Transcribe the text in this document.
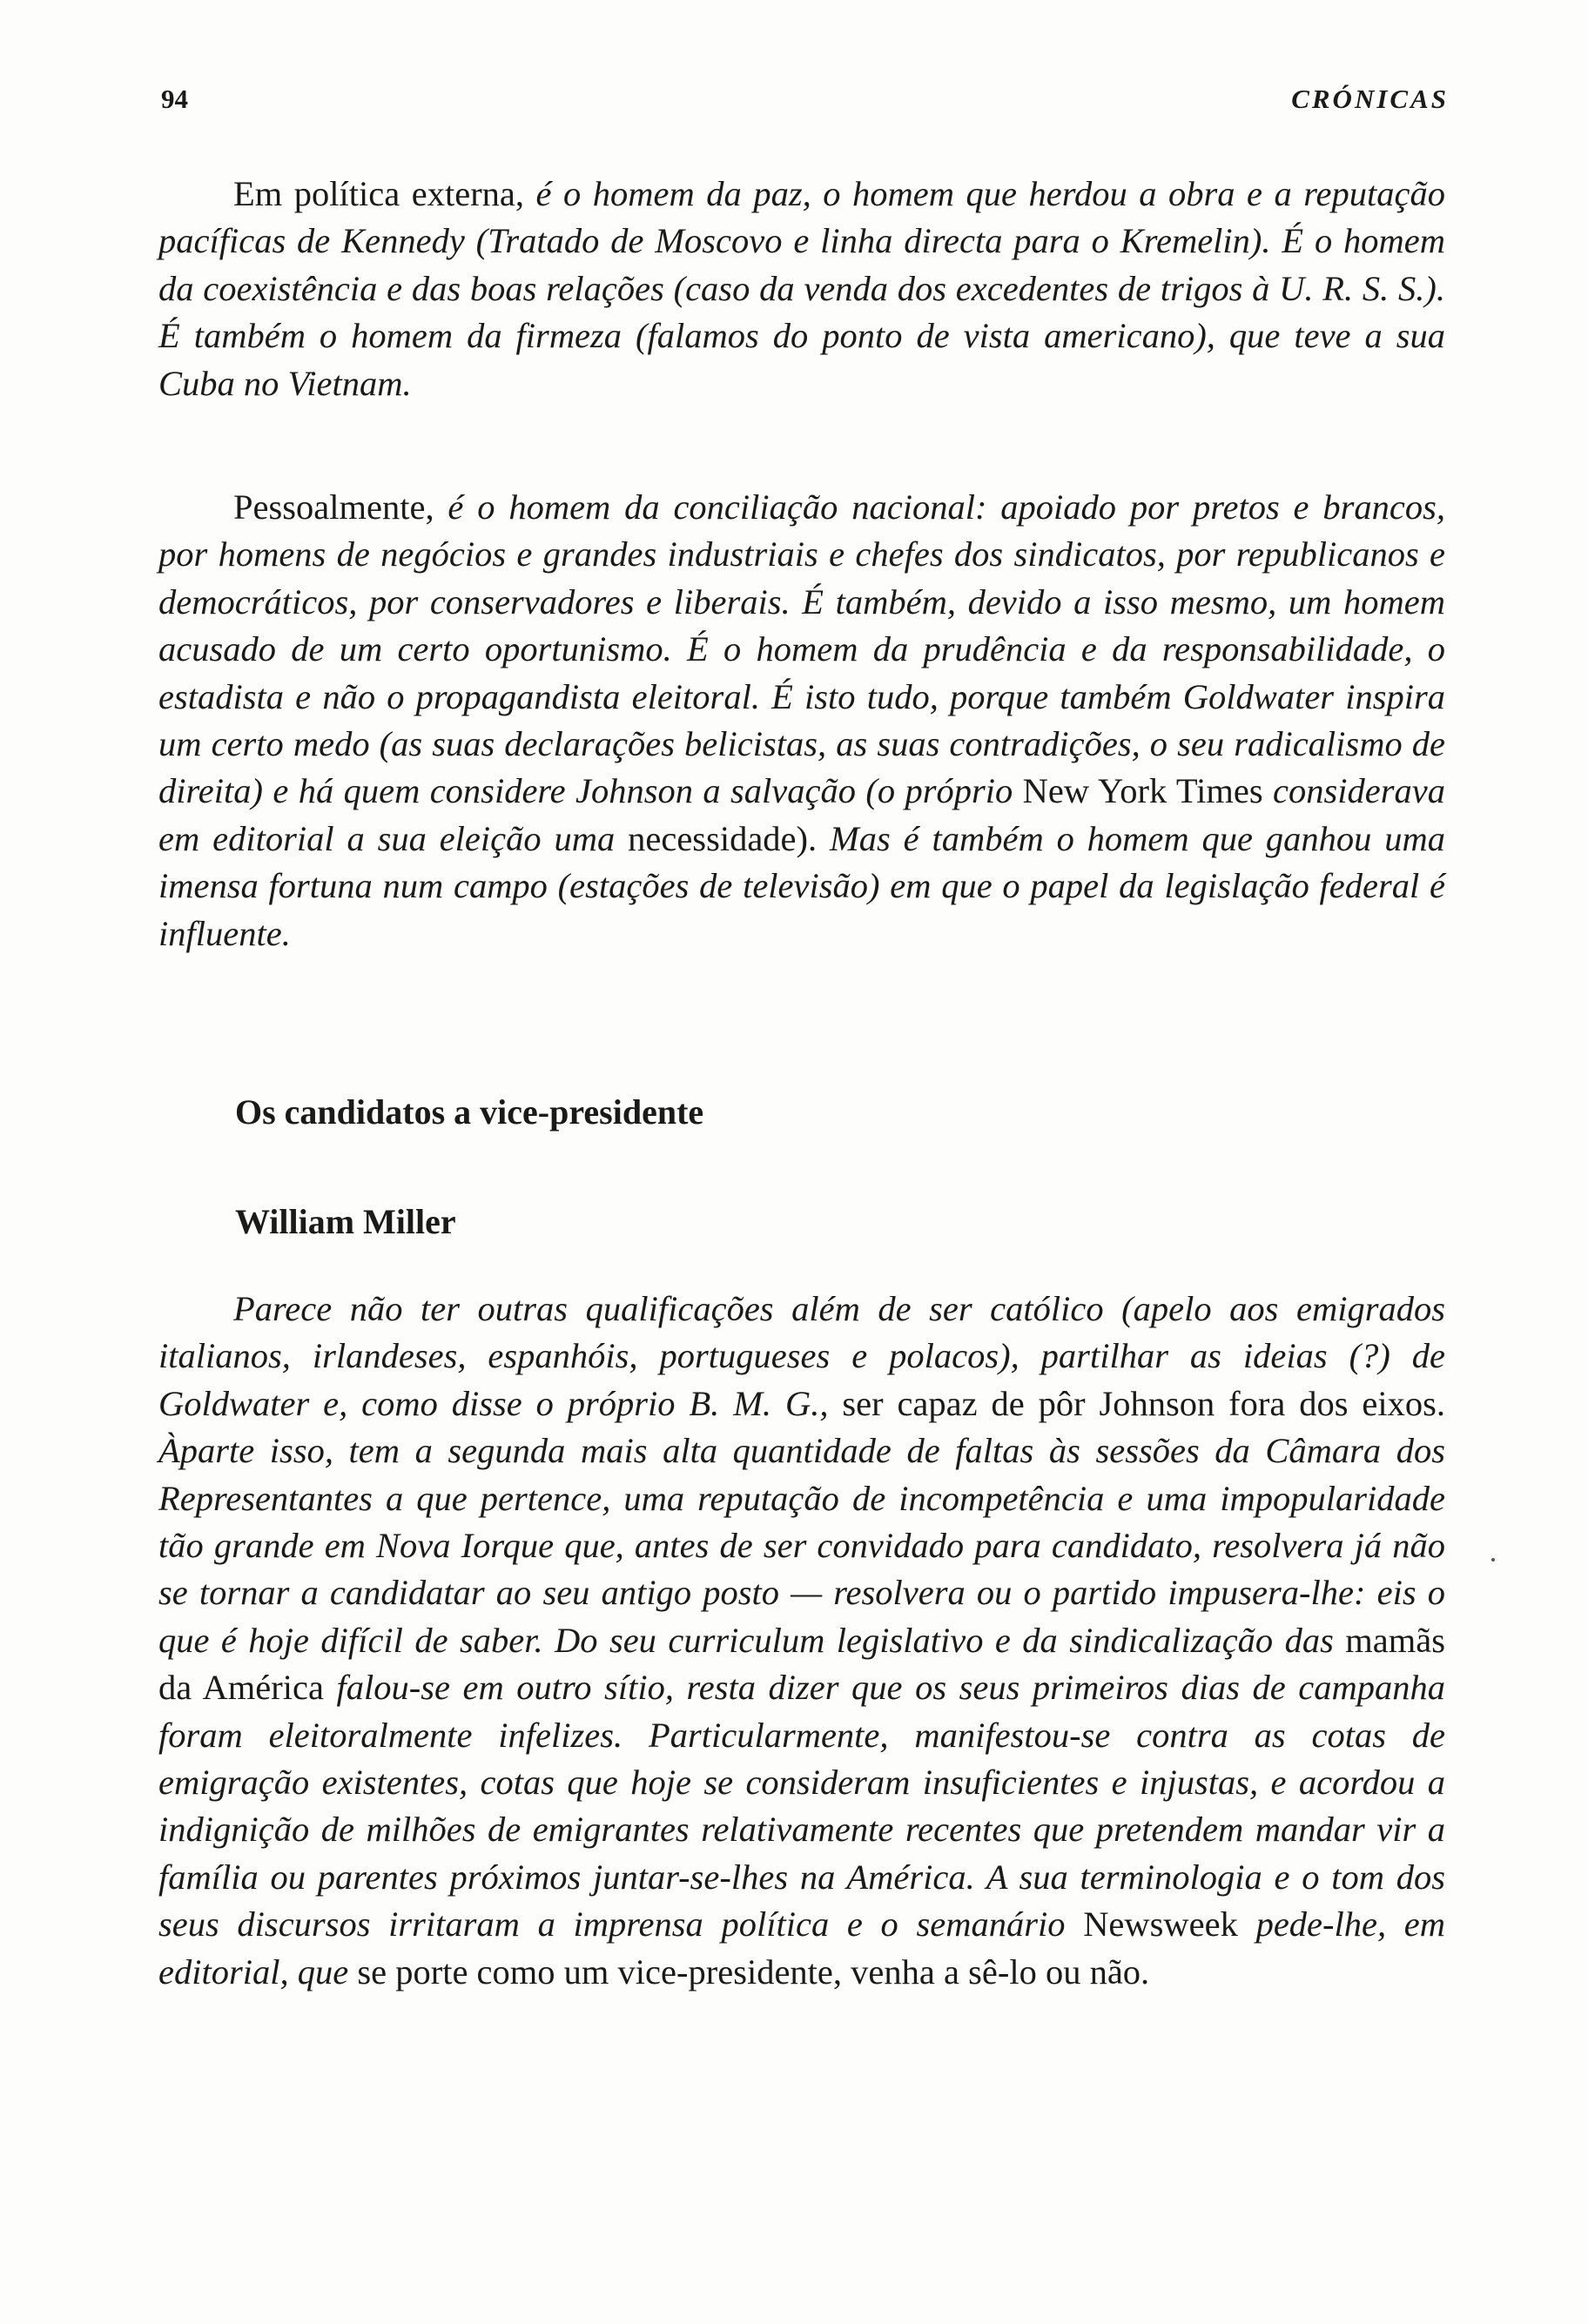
94	CRÓNICAS

Em política externa, é o homem da paz, o homem que herdou a obra e a reputação pacíficas de Kennedy (Tratado de Moscovo e linha directa para o Kremelin). É o homem da coexistência e das boas relações (caso da venda dos excedentes de trigos à U. R. S. S.). É também o homem da firmeza (falamos do ponto de vista americano), que teve a sua Cuba no Vietnam.

Pessoalmente, é o homem da conciliação nacional: apoiado por pretos e brancos, por homens de negócios e grandes industriais e chefes dos sindicatos, por republicanos e democráticos, por conservadores e liberais. É também, devido a isso mesmo, um homem acusado de um certo oportunismo. É o homem da prudência e da responsabilidade, o estadista e não o propagandista eleitoral. É isto tudo, porque também Goldwater inspira um certo medo (as suas declarações belicistas, as suas contradições, o seu radicalismo de direita) e há quem considere Johnson a salvação (o próprio New York Times considerava em editorial a sua eleição uma necessidade). Mas é também o homem que ganhou uma imensa fortuna num campo (estações de televisão) em que o papel da legislação federal é influente.

Os candidatos a vice-presidente
William Miller

Parece não ter outras qualificações além de ser católico (apelo aos emigrados italianos, irlandeses, espanhóis, portugueses e polacos), partilhar as ideias (?) de Goldwater e, como disse o próprio B. M. G., ser capaz de pôr Johnson fora dos eixos. Àparte isso, tem a segunda mais alta quantidade de faltas às sessões da Câmara dos Representantes a que pertence, uma reputação de incompetência e uma impopularidade tão grande em Nova Iorque que, antes de ser convidado para candidato, resolvera já não se tornar a candidatar ao seu antigo posto — resolvera ou o partido impusera-lhe: eis o que é hoje difícil de saber. Do seu curriculum legislativo e da sindicalização das mamãs da América falou-se em outro sítio, resta dizer que os seus primeiros dias de campanha foram eleitoralmente infelizes. Particularmente, manifestou-se contra as cotas de emigração existentes, cotas que hoje se consideram insuficientes e injustas, e acordou a indignição de milhões de emigrantes relativamente recentes que pretendem mandar vir a família ou parentes próximos juntar-se-lhes na América. A sua terminologia e o tom dos seus discursos irritaram a imprensa política e o semanário Newsweek pede-lhe, em editorial, que se porte como um vice-presidente, venha a sê-lo ou não.
